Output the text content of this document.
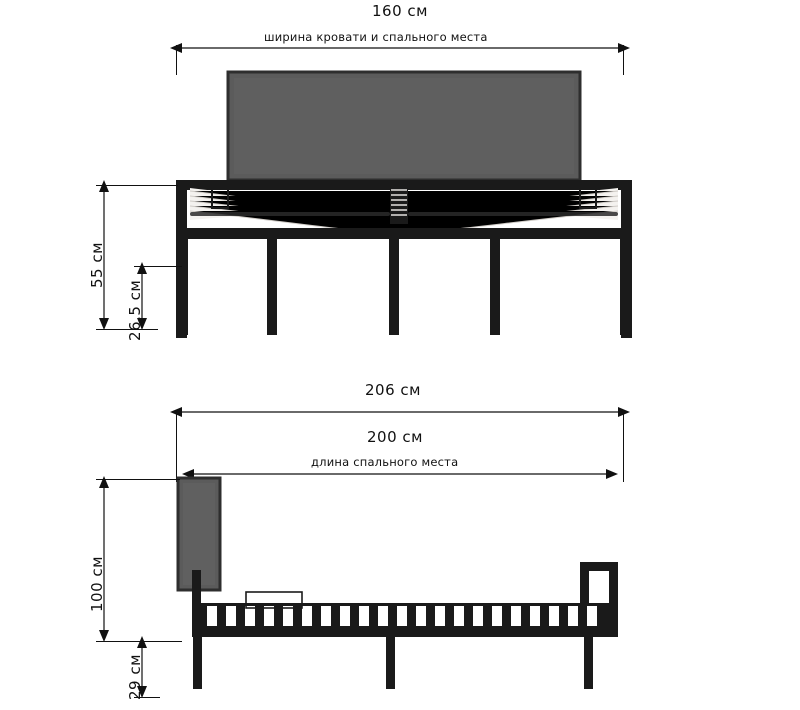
160 см
ширина кровати и спального места
55 см
26,5 см
206 см
200 см
длина спального места
100 см
29 см
